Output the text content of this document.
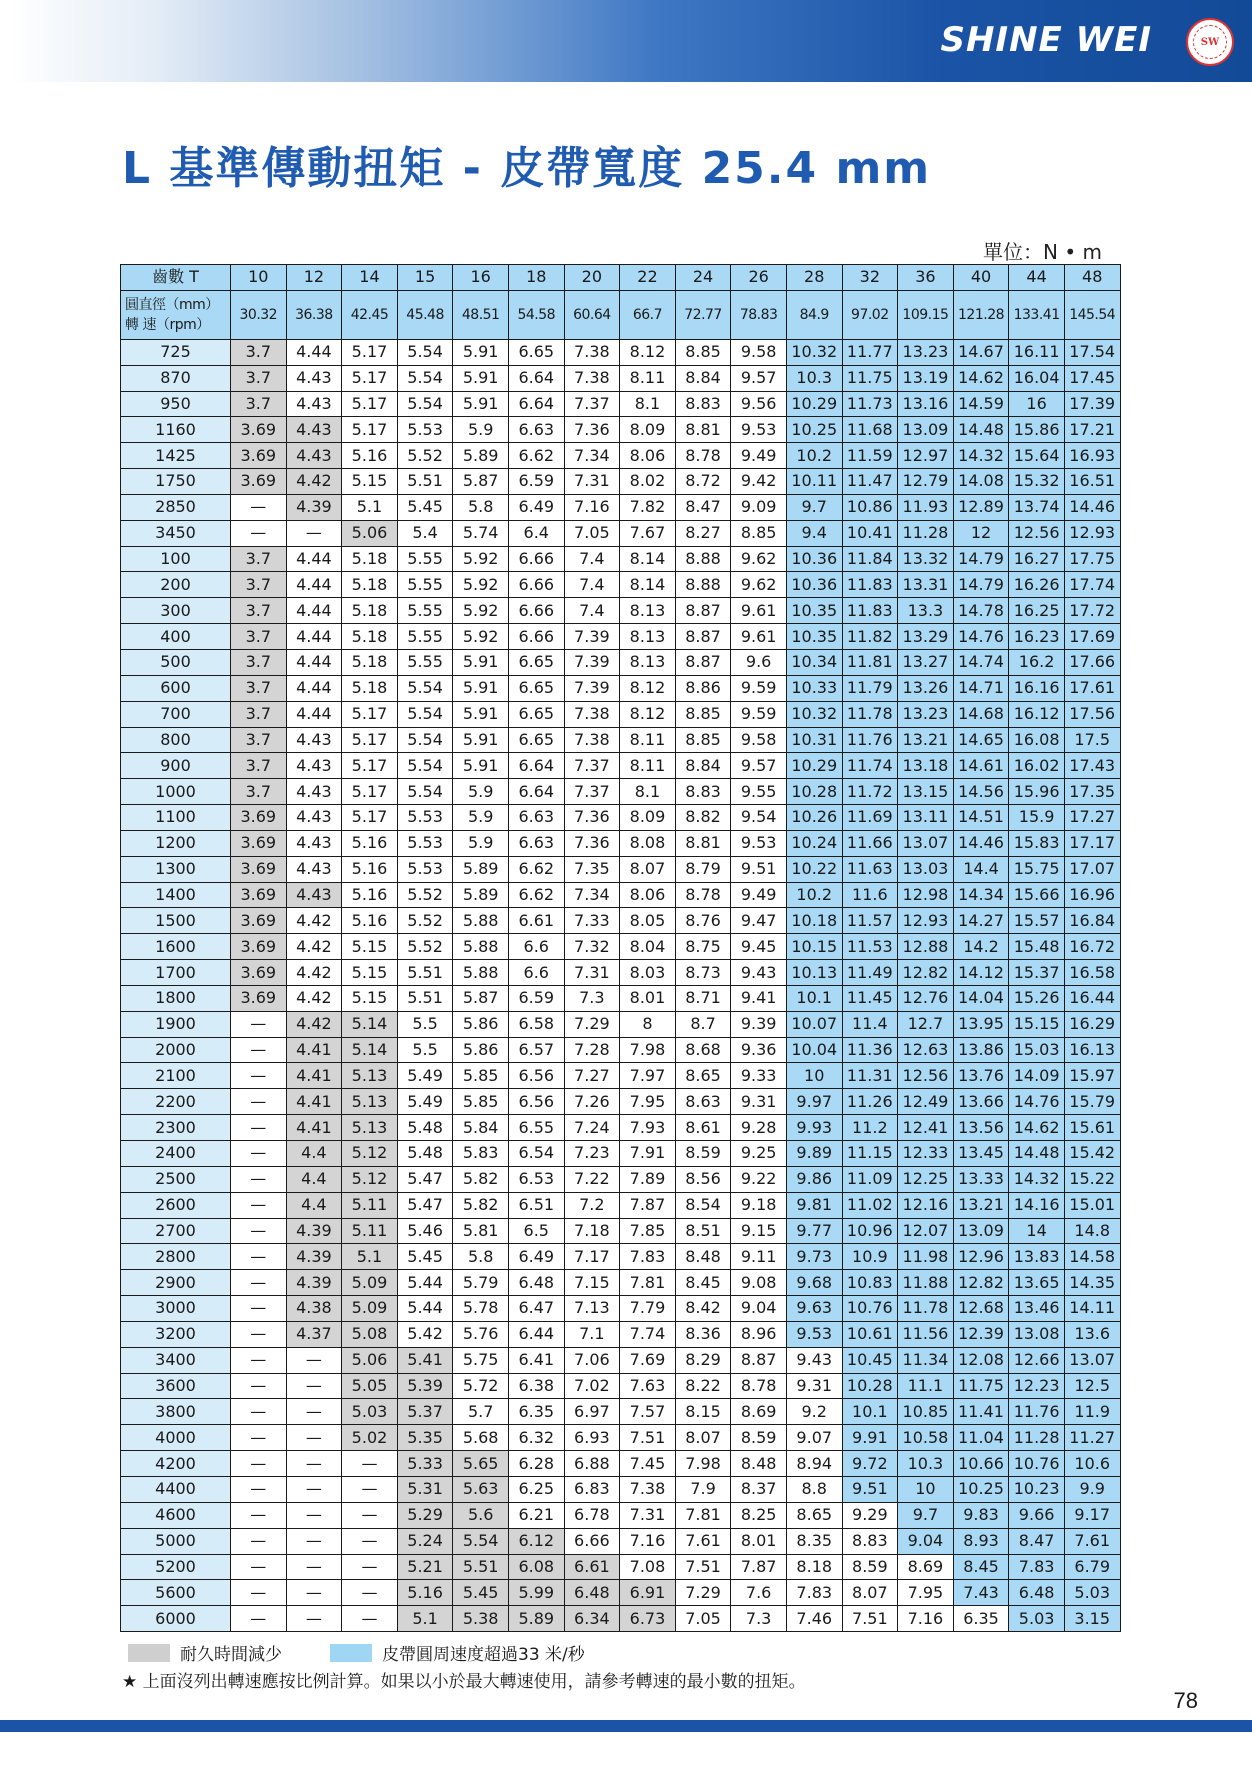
SHINE WEI	SW
L 基準傳動扭矩 - 皮帶寬度 25.4 mm
單位：N • m
齒數 T	10	12	14	15	16	18	20	22	24	26	28	32	36	40	44	48

圓直徑（mm）
轉 速（rpm）	30.32	36.38	42.45	45.48	48.51	54.58	60.64	66.7	72.77	78.83	84.9	97.02	109.15	121.28	133.41	145.54
725	3.7	4.44	5.17	5.54	5.91	6.65	7.38	8.12	8.85	9.58	10.32	11.77	13.23	14.67	16.11	17.54
870	3.7	4.43	5.17	5.54	5.91	6.64	7.38	8.11	8.84	9.57	10.3	11.75	13.19	14.62	16.04	17.45
950	3.7	4.43	5.17	5.54	5.91	6.64	7.37	8.1	8.83	9.56	10.29	11.73	13.16	14.59	16	17.39
1160	3.69	4.43	5.17	5.53	5.9	6.63	7.36	8.09	8.81	9.53	10.25	11.68	13.09	14.48	15.86	17.21
1425	3.69	4.43	5.16	5.52	5.89	6.62	7.34	8.06	8.78	9.49	10.2	11.59	12.97	14.32	15.64	16.93
1750	3.69	4.42	5.15	5.51	5.87	6.59	7.31	8.02	8.72	9.42	10.11	11.47	12.79	14.08	15.32	16.51
2850	—	4.39	5.1	5.45	5.8	6.49	7.16	7.82	8.47	9.09	9.7	10.86	11.93	12.89	13.74	14.46
3450	—	—	5.06	5.4	5.74	6.4	7.05	7.67	8.27	8.85	9.4	10.41	11.28	12	12.56	12.93
100	3.7	4.44	5.18	5.55	5.92	6.66	7.4	8.14	8.88	9.62	10.36	11.84	13.32	14.79	16.27	17.75
200	3.7	4.44	5.18	5.55	5.92	6.66	7.4	8.14	8.88	9.62	10.36	11.83	13.31	14.79	16.26	17.74
300	3.7	4.44	5.18	5.55	5.92	6.66	7.4	8.13	8.87	9.61	10.35	11.83	13.3	14.78	16.25	17.72
400	3.7	4.44	5.18	5.55	5.92	6.66	7.39	8.13	8.87	9.61	10.35	11.82	13.29	14.76	16.23	17.69
500	3.7	4.44	5.18	5.55	5.91	6.65	7.39	8.13	8.87	9.6	10.34	11.81	13.27	14.74	16.2	17.66
600	3.7	4.44	5.18	5.54	5.91	6.65	7.39	8.12	8.86	9.59	10.33	11.79	13.26	14.71	16.16	17.61
700	3.7	4.44	5.17	5.54	5.91	6.65	7.38	8.12	8.85	9.59	10.32	11.78	13.23	14.68	16.12	17.56
800	3.7	4.43	5.17	5.54	5.91	6.65	7.38	8.11	8.85	9.58	10.31	11.76	13.21	14.65	16.08	17.5
900	3.7	4.43	5.17	5.54	5.91	6.64	7.37	8.11	8.84	9.57	10.29	11.74	13.18	14.61	16.02	17.43
1000	3.7	4.43	5.17	5.54	5.9	6.64	7.37	8.1	8.83	9.55	10.28	11.72	13.15	14.56	15.96	17.35
1100	3.69	4.43	5.17	5.53	5.9	6.63	7.36	8.09	8.82	9.54	10.26	11.69	13.11	14.51	15.9	17.27
1200	3.69	4.43	5.16	5.53	5.9	6.63	7.36	8.08	8.81	9.53	10.24	11.66	13.07	14.46	15.83	17.17
1300	3.69	4.43	5.16	5.53	5.89	6.62	7.35	8.07	8.79	9.51	10.22	11.63	13.03	14.4	15.75	17.07
1400	3.69	4.43	5.16	5.52	5.89	6.62	7.34	8.06	8.78	9.49	10.2	11.6	12.98	14.34	15.66	16.96
1500	3.69	4.42	5.16	5.52	5.88	6.61	7.33	8.05	8.76	9.47	10.18	11.57	12.93	14.27	15.57	16.84
1600	3.69	4.42	5.15	5.52	5.88	6.6	7.32	8.04	8.75	9.45	10.15	11.53	12.88	14.2	15.48	16.72
1700	3.69	4.42	5.15	5.51	5.88	6.6	7.31	8.03	8.73	9.43	10.13	11.49	12.82	14.12	15.37	16.58
1800	3.69	4.42	5.15	5.51	5.87	6.59	7.3	8.01	8.71	9.41	10.1	11.45	12.76	14.04	15.26	16.44
1900	—	4.42	5.14	5.5	5.86	6.58	7.29	8	8.7	9.39	10.07	11.4	12.7	13.95	15.15	16.29
2000	—	4.41	5.14	5.5	5.86	6.57	7.28	7.98	8.68	9.36	10.04	11.36	12.63	13.86	15.03	16.13
2100	—	4.41	5.13	5.49	5.85	6.56	7.27	7.97	8.65	9.33	10	11.31	12.56	13.76	14.09	15.97
2200	—	4.41	5.13	5.49	5.85	6.56	7.26	7.95	8.63	9.31	9.97	11.26	12.49	13.66	14.76	15.79
2300	—	4.41	5.13	5.48	5.84	6.55	7.24	7.93	8.61	9.28	9.93	11.2	12.41	13.56	14.62	15.61
2400	—	4.4	5.12	5.48	5.83	6.54	7.23	7.91	8.59	9.25	9.89	11.15	12.33	13.45	14.48	15.42
2500	—	4.4	5.12	5.47	5.82	6.53	7.22	7.89	8.56	9.22	9.86	11.09	12.25	13.33	14.32	15.22
2600	—	4.4	5.11	5.47	5.82	6.51	7.2	7.87	8.54	9.18	9.81	11.02	12.16	13.21	14.16	15.01
2700	—	4.39	5.11	5.46	5.81	6.5	7.18	7.85	8.51	9.15	9.77	10.96	12.07	13.09	14	14.8
2800	—	4.39	5.1	5.45	5.8	6.49	7.17	7.83	8.48	9.11	9.73	10.9	11.98	12.96	13.83	14.58
2900	—	4.39	5.09	5.44	5.79	6.48	7.15	7.81	8.45	9.08	9.68	10.83	11.88	12.82	13.65	14.35
3000	—	4.38	5.09	5.44	5.78	6.47	7.13	7.79	8.42	9.04	9.63	10.76	11.78	12.68	13.46	14.11
3200	—	4.37	5.08	5.42	5.76	6.44	7.1	7.74	8.36	8.96	9.53	10.61	11.56	12.39	13.08	13.6
3400	—	—	5.06	5.41	5.75	6.41	7.06	7.69	8.29	8.87	9.43	10.45	11.34	12.08	12.66	13.07
3600	—	—	5.05	5.39	5.72	6.38	7.02	7.63	8.22	8.78	9.31	10.28	11.1	11.75	12.23	12.5
3800	—	—	5.03	5.37	5.7	6.35	6.97	7.57	8.15	8.69	9.2	10.1	10.85	11.41	11.76	11.9
4000	—	—	5.02	5.35	5.68	6.32	6.93	7.51	8.07	8.59	9.07	9.91	10.58	11.04	11.28	11.27
4200	—	—	—	5.33	5.65	6.28	6.88	7.45	7.98	8.48	8.94	9.72	10.3	10.66	10.76	10.6
4400	—	—	—	5.31	5.63	6.25	6.83	7.38	7.9	8.37	8.8	9.51	10	10.25	10.23	9.9
4600	—	—	—	5.29	5.6	6.21	6.78	7.31	7.81	8.25	8.65	9.29	9.7	9.83	9.66	9.17
5000	—	—	—	5.24	5.54	6.12	6.66	7.16	7.61	8.01	8.35	8.83	9.04	8.93	8.47	7.61
5200	—	—	—	5.21	5.51	6.08	6.61	7.08	7.51	7.87	8.18	8.59	8.69	8.45	7.83	6.79
5600	—	—	—	5.16	5.45	5.99	6.48	6.91	7.29	7.6	7.83	8.07	7.95	7.43	6.48	5.03
6000	—	—	—	5.1	5.38	5.89	6.34	6.73	7.05	7.3	7.46	7.51	7.16	6.35	5.03	3.15
耐久時間減少	皮帶圓周速度超過33 米/秒
★ 上面沒列出轉速應按比例計算。如果以小於最大轉速使用，請參考轉速的最小數的扭矩。
78
